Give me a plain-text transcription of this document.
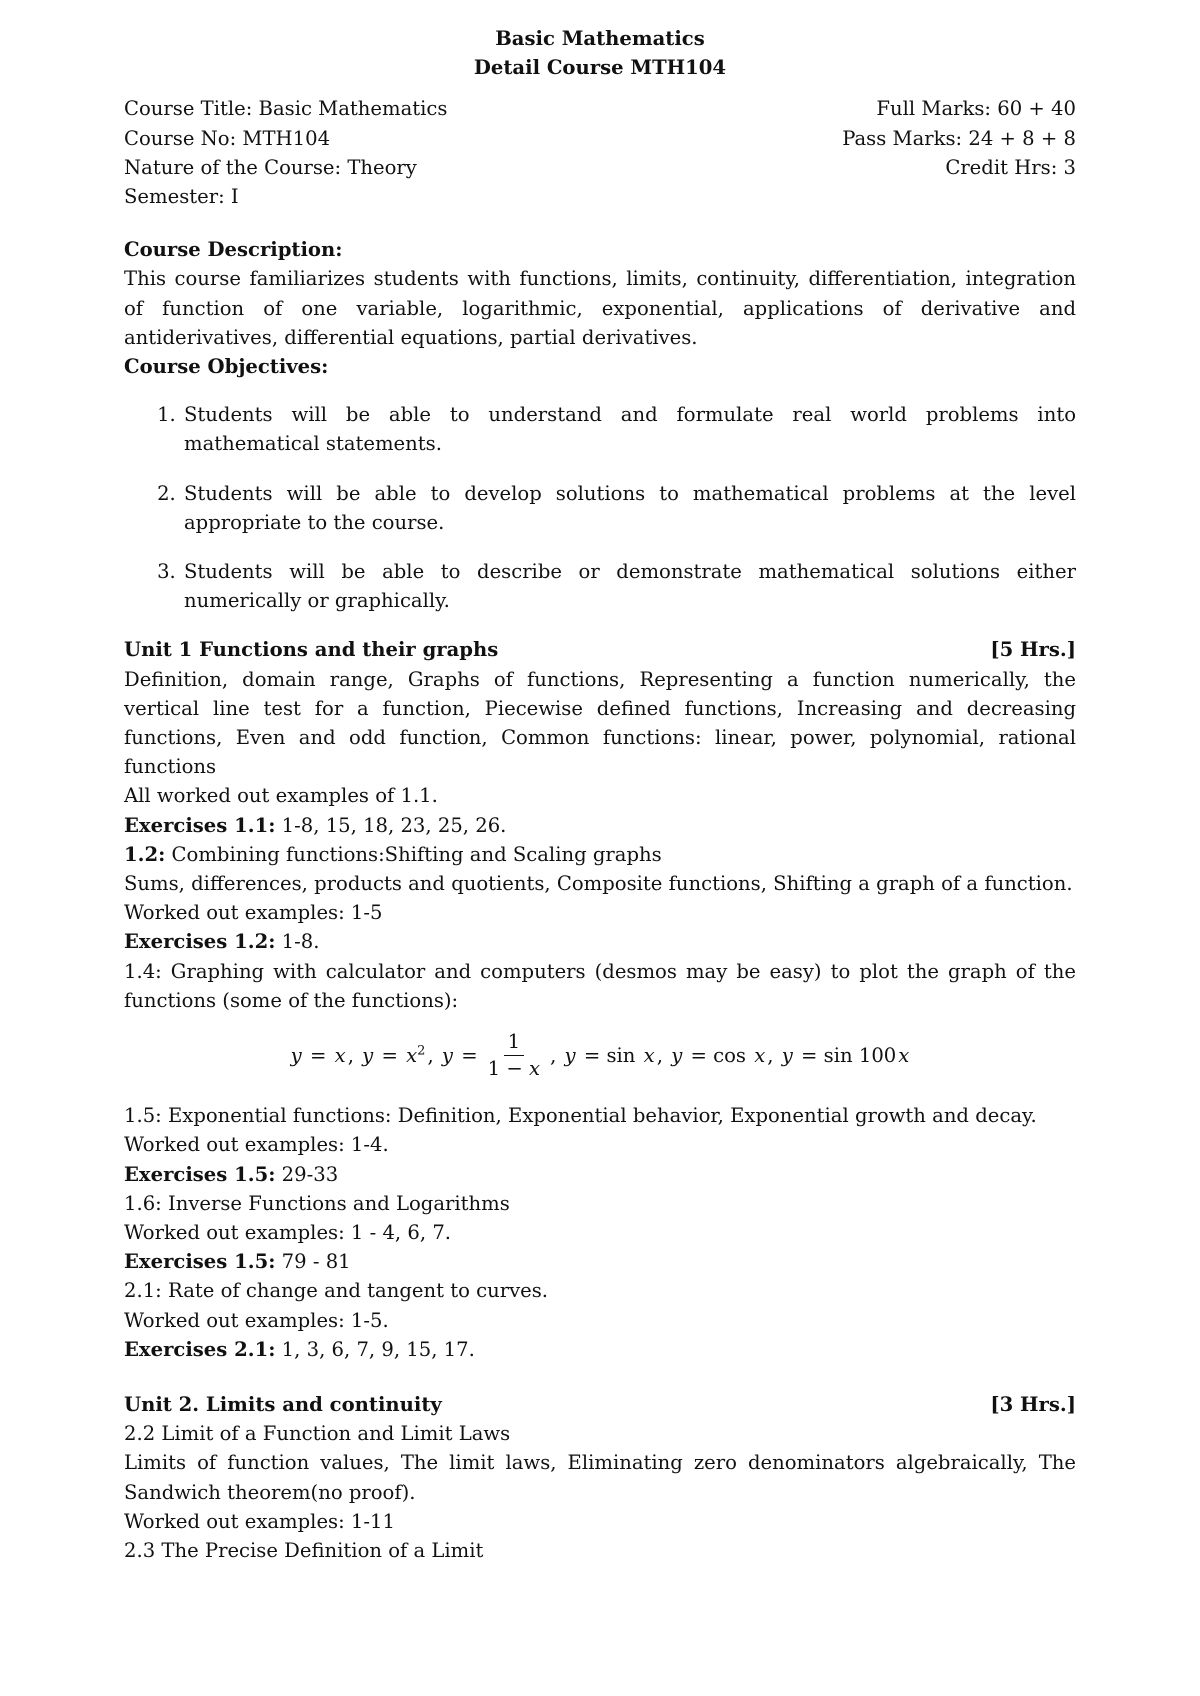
Basic Mathematics
Detail Course MTH104
Course Title: Basic Mathematics	Full Marks: 60 + 40
Course No: MTH104	Pass Marks: 24 + 8 + 8
Nature of the Course: Theory	Credit Hrs: 3
Semester: I
Course Description:
This course familiarizes students with functions, limits, continuity, differentiation, integration of function of one variable, logarithmic, exponential, applications of derivative and antiderivatives, differential equations, partial derivatives.
Course Objectives:
1. Students will be able to understand and formulate real world problems into mathematical statements.
2. Students will be able to develop solutions to mathematical problems at the level appropriate to the course.
3. Students will be able to describe or demonstrate mathematical solutions either numerically or graphically.
Unit 1 Functions and their graphs	[5 Hrs.]
Definition, domain range, Graphs of functions, Representing a function numerically, the vertical line test for a function, Piecewise defined functions, Increasing and decreasing functions, Even and odd function, Common functions: linear, power, polynomial, rational functions
All worked out examples of 1.1.
Exercises 1.1: 1-8, 15, 18, 23, 25, 26.
1.2: Combining functions:Shifting and Scaling graphs
Sums, differences, products and quotients, Composite functions, Shifting a graph of a function.
Worked out examples: 1-5
Exercises 1.2: 1-8.
1.4: Graphing with calculator and computers (desmos may be easy) to plot the graph of the functions (some of the functions):
y = x , $y = x^2$ , $y = \frac{1}{1 - x}$ , y = sin x , y = cos x , y = sin 100 x
1.5: Exponential functions: Definition, Exponential behavior, Exponential growth and decay.
Worked out examples: 1-4.
Exercises 1.5: 29-33
1.6: Inverse Functions and Logarithms
Worked out examples: 1 - 4, 6, 7.
Exercises 1.5: 79 - 81
2.1: Rate of change and tangent to curves.
Worked out examples: 1-5.
Exercises 2.1: 1, 3, 6, 7, 9, 15, 17.
Unit 2. Limits and continuity	[3 Hrs.]
2.2 Limit of a Function and Limit Laws
Limits of function values, The limit laws, Eliminating zero denominators algebraically, The Sandwich theorem(no proof).
Worked out examples: 1-11
2.3 The Precise Definition of a Limit
